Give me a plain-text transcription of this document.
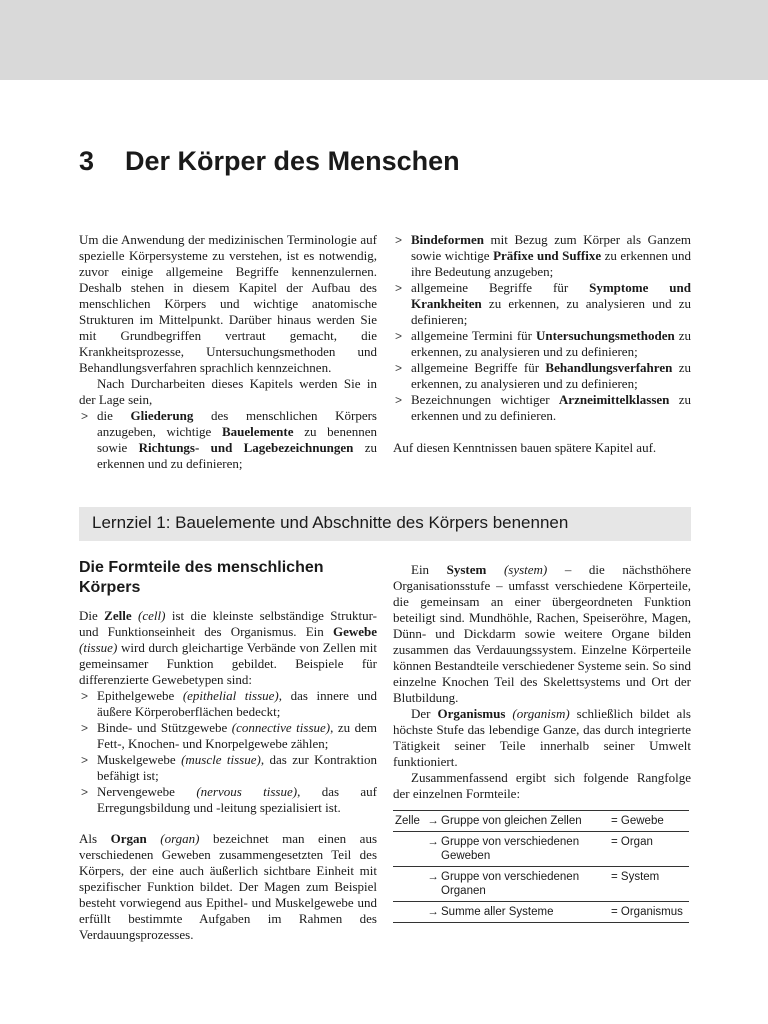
3 Der Körper des Menschen

Um die Anwendung der medizinischen Terminologie auf spezielle Körpersysteme zu verstehen, ist es notwendig, zuvor einige allgemeine Begriffe kennenzulernen. Deshalb stehen in diesem Kapitel der Aufbau des menschlichen Körpers und wichtige anatomische Strukturen im Mittelpunkt. Darüber hinaus werden Sie mit Grundbegriffen vertraut gemacht, die Krankheitsprozesse, Untersuchungsmethoden und Behandlungsverfahren sprachlich kennzeichnen.

Nach Durcharbeiten dieses Kapitels werden Sie in der Lage sein,

> die Gliederung des menschlichen Körpers anzugeben, wichtige Bauelemente zu benennen sowie Richtungs- und Lagebezeichnungen zu erkennen und zu definieren;
> Bindeformen mit Bezug zum Körper als Ganzem sowie wichtige Präfixe und Suffixe zu erkennen und ihre Bedeutung anzugeben;
> allgemeine Begriffe für Symptome und Krankheiten zu erkennen, zu analysieren und zu definieren;
> allgemeine Termini für Untersuchungsmethoden zu erkennen, zu analysieren und zu definieren;
> allgemeine Begriffe für Behandlungsverfahren zu erkennen, zu analysieren und zu definieren;
> Bezeichnungen wichtiger Arzneimittelklassen zu erkennen und zu definieren.

Auf diesen Kenntnissen bauen spätere Kapitel auf.

Lernziel 1: Bauelemente und Abschnitte des Körpers benennen
Die Formteile des menschlichen Körpers

Die Zelle (cell) ist die kleinste selbständige Struktur- und Funktionseinheit des Organismus. Ein Gewebe (tissue) wird durch gleichartige Verbände von Zellen mit gemeinsamer Funktion gebildet. Beispiele für differenzierte Gewebetypen sind:

> Epithelgewebe (epithelial tissue), das innere und äußere Körperoberflächen bedeckt;
> Binde- und Stützgewebe (connective tissue), zu dem Fett-, Knochen- und Knorpelgewebe zählen;
> Muskelgewebe (muscle tissue), das zur Kontraktion befähigt ist;
> Nervengewebe (nervous tissue), das auf Erregungsbildung und -leitung spezialisiert ist.

Als Organ (organ) bezeichnet man einen aus verschiedenen Geweben zusammengesetzten Teil des Körpers, der eine auch äußerlich sichtbare Einheit mit spezifischer Funktion bildet. Der Magen zum Beispiel besteht vorwiegend aus Epithel- und Muskelgewebe und erfüllt bestimmte Aufgaben im Rahmen des Verdauungsprozesses.

Ein System (system) – die nächsthöhere Organisationsstufe – umfasst verschiedene Körperteile, die gemeinsam an einer übergeordneten Funktion beteiligt sind. Mundhöhle, Rachen, Speiseröhre, Magen, Dünn- und Dickdarm sowie weitere Organe bilden zusammen das Verdauungssystem. Einzelne Körperteile können Bestandteile verschiedener Systeme sein. So sind einzelne Knochen Teil des Skelettsystems und Ort der Blutbildung.

Der Organismus (organism) schließlich bildet als höchste Stufe das lebendige Ganze, das durch integrierte Tätigkeit seiner Teile innerhalb seiner Umwelt funktioniert.

Zusammenfassend ergibt sich folgende Rangfolge der einzelnen Formteile:

Zelle	→ Gruppe von gleichen Zellen	= Gewebe
	→ Gruppe von verschiedenen
Geweben	= Organ
	→ Gruppe von verschiedenen
Organen	= System
	→ Summe aller Systeme	= Organismus
